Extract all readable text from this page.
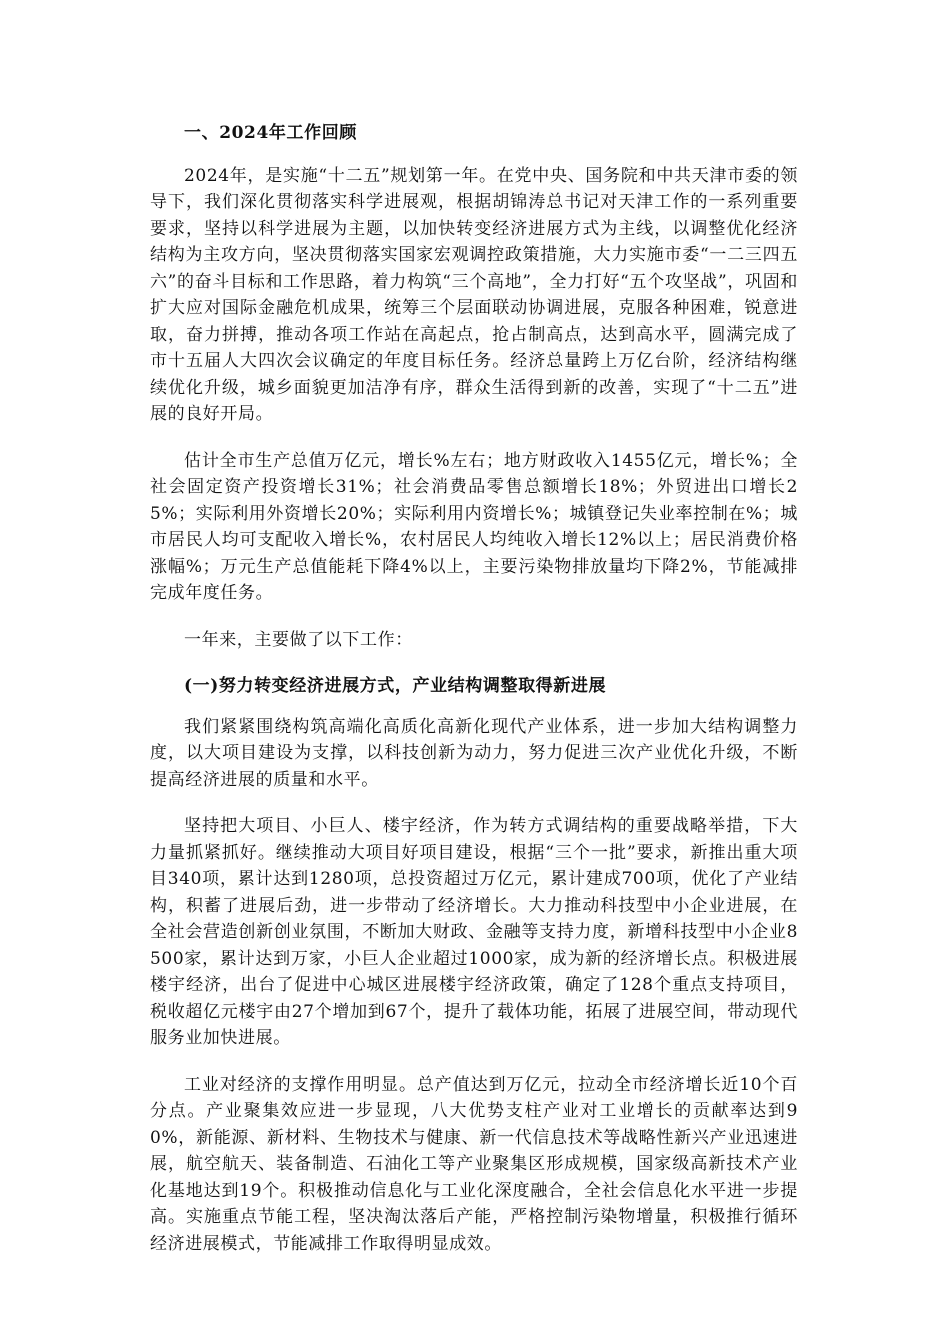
一、2024年工作回顾

2024年，是实施“十二五”规划第一年。在党中央、国务院和中共天津市委的领导下，我们深化贯彻落实科学进展观，根据胡锦涛总书记对天津工作的一系列重要要求，坚持以科学进展为主题，以加快转变经济进展方式为主线，以调整优化经济结构为主攻方向，坚决贯彻落实国家宏观调控政策措施，大力实施市委“一二三四五六”的奋斗目标和工作思路，着力构筑“三个高地”，全力打好“五个攻坚战”，巩固和扩大应对国际金融危机成果，统筹三个层面联动协调进展，克服各种困难，锐意进取，奋力拼搏，推动各项工作站在高起点，抢占制高点，达到高水平，圆满完成了市十五届人大四次会议确定的年度目标任务。经济总量跨上万亿台阶，经济结构继续优化升级，城乡面貌更加洁净有序，群众生活得到新的改善，实现了“十二五”进展的良好开局。

估计全市生产总值万亿元，增长%左右；地方财政收入1455亿元，增长%；全社会固定资产投资增长31%；社会消费品零售总额增长18%；外贸进出口增长25%；实际利用外资增长20%；实际利用内资增长%；城镇登记失业率控制在%；城市居民人均可支配收入增长%，农村居民人均纯收入增长12%以上；居民消费价格涨幅%；万元生产总值能耗下降4%以上，主要污染物排放量均下降2%，节能减排完成年度任务。

一年来，主要做了以下工作：

(一)努力转变经济进展方式，产业结构调整取得新进展

我们紧紧围绕构筑高端化高质化高新化现代产业体系，进一步加大结构调整力度，以大项目建设为支撑，以科技创新为动力，努力促进三次产业优化升级，不断提高经济进展的质量和水平。

坚持把大项目、小巨人、楼宇经济，作为转方式调结构的重要战略举措，下大力量抓紧抓好。继续推动大项目好项目建设，根据“三个一批”要求，新推出重大项目340项，累计达到1280项，总投资超过万亿元，累计建成700项，优化了产业结构，积蓄了进展后劲，进一步带动了经济增长。大力推动科技型中小企业进展，在全社会营造创新创业氛围，不断加大财政、金融等支持力度，新增科技型中小企业8500家，累计达到万家，小巨人企业超过1000家，成为新的经济增长点。积极进展楼宇经济，出台了促进中心城区进展楼宇经济政策，确定了128个重点支持项目，税收超亿元楼宇由27个增加到67个，提升了载体功能，拓展了进展空间，带动现代服务业加快进展。

工业对经济的支撑作用明显。总产值达到万亿元，拉动全市经济增长近10个百分点。产业聚集效应进一步显现，八大优势支柱产业对工业增长的贡献率达到90%，新能源、新材料、生物技术与健康、新一代信息技术等战略性新兴产业迅速进展，航空航天、装备制造、石油化工等产业聚集区形成规模，国家级高新技术产业化基地达到19个。积极推动信息化与工业化深度融合，全社会信息化水平进一步提高。实施重点节能工程，坚决淘汰落后产能，严格控制污染物增量，积极推行循环经济进展模式，节能减排工作取得明显成效。
